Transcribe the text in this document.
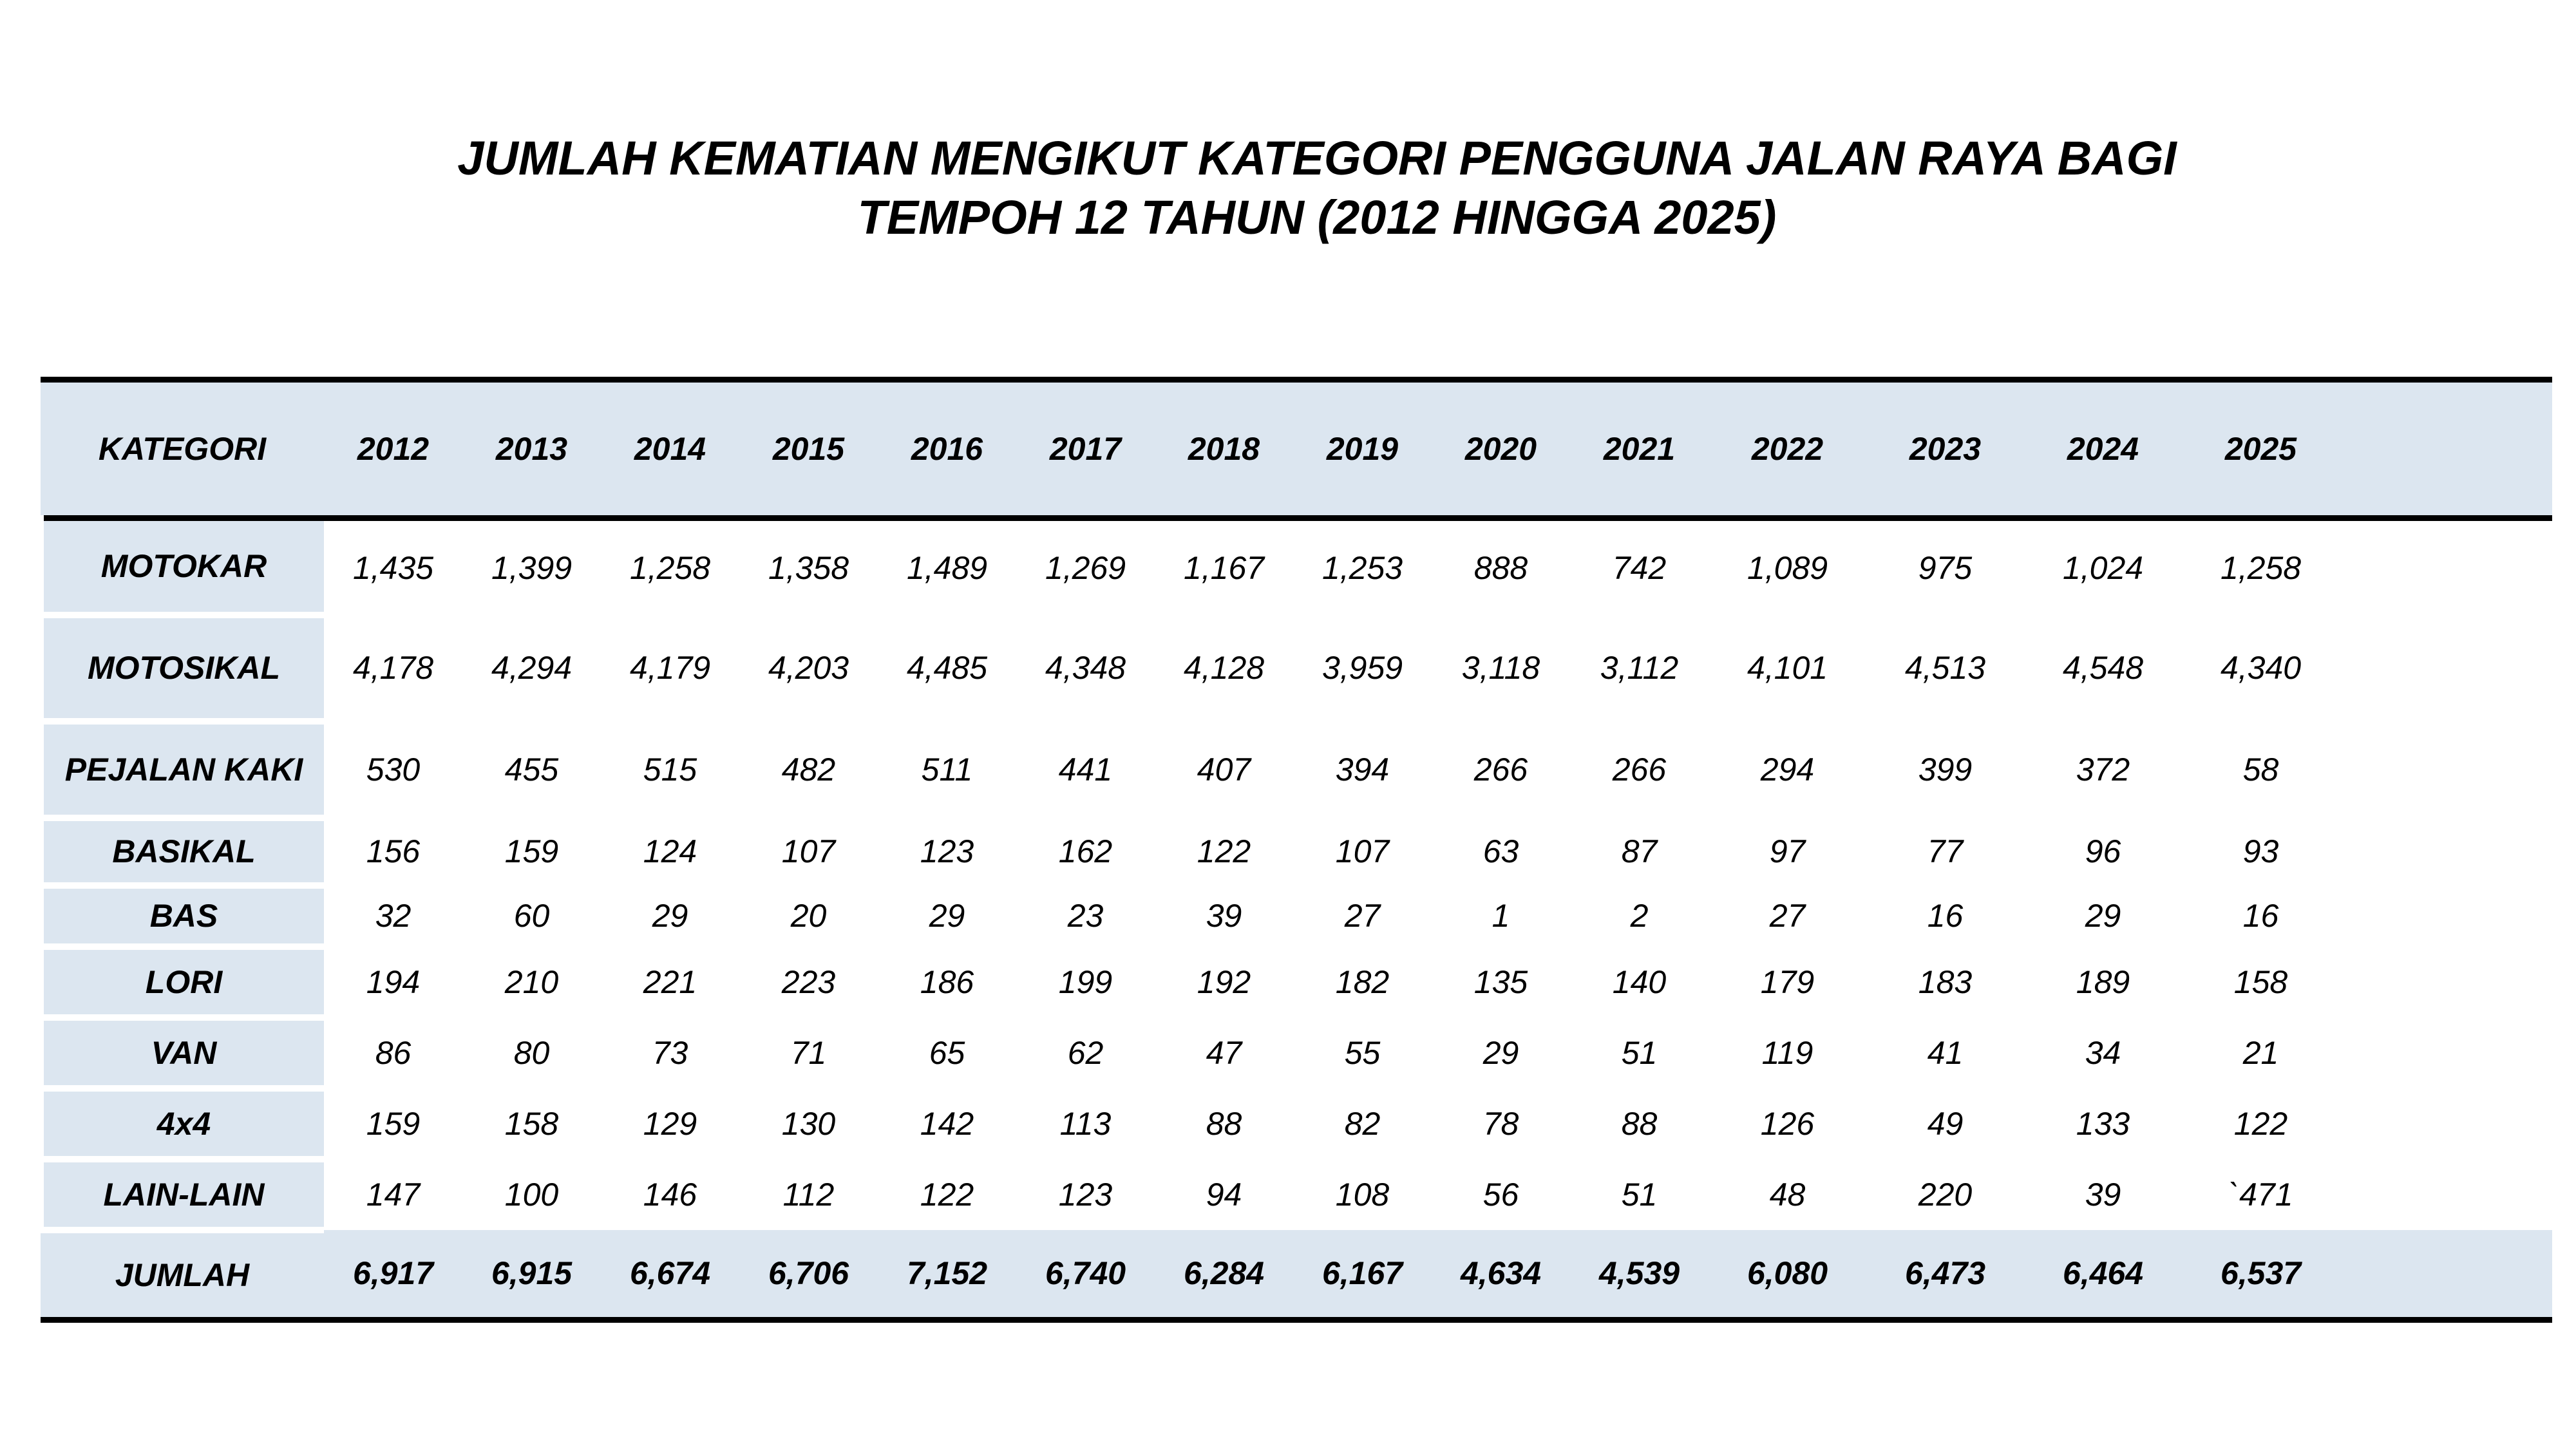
JUMLAH KEMATIAN MENGIKUT KATEGORI PENGGUNA JALAN RAYA BAGI
TEMPOH 12 TAHUN (2012 HINGGA 2025)
KATEGORI	2012	2013	2014	2015	2016	2017	2018	2019	2020	2021	2022	2023	2024	2025	
MOTOKAR	1,435	1,399	1,258	1,358	1,489	1,269	1,167	1,253	888	742	1,089	975	1,024	1,258	
MOTOSIKAL	4,178	4,294	4,179	4,203	4,485	4,348	4,128	3,959	3,118	3,112	4,101	4,513	4,548	4,340	
PEJALAN KAKI	530	455	515	482	511	441	407	394	266	266	294	399	372	58	
BASIKAL	156	159	124	107	123	162	122	107	63	87	97	77	96	93	
BAS	32	60	29	20	29	23	39	27	1	2	27	16	29	16	
LORI	194	210	221	223	186	199	192	182	135	140	179	183	189	158	
VAN	86	80	73	71	65	62	47	55	29	51	119	41	34	21	
4x4	159	158	129	130	142	113	88	82	78	88	126	49	133	122	
LAIN-LAIN	147	100	146	112	122	123	94	108	56	51	48	220	39	`471	
JUMLAH	6,917	6,915	6,674	6,706	7,152	6,740	6,284	6,167	4,634	4,539	6,080	6,473	6,464	6,537	
